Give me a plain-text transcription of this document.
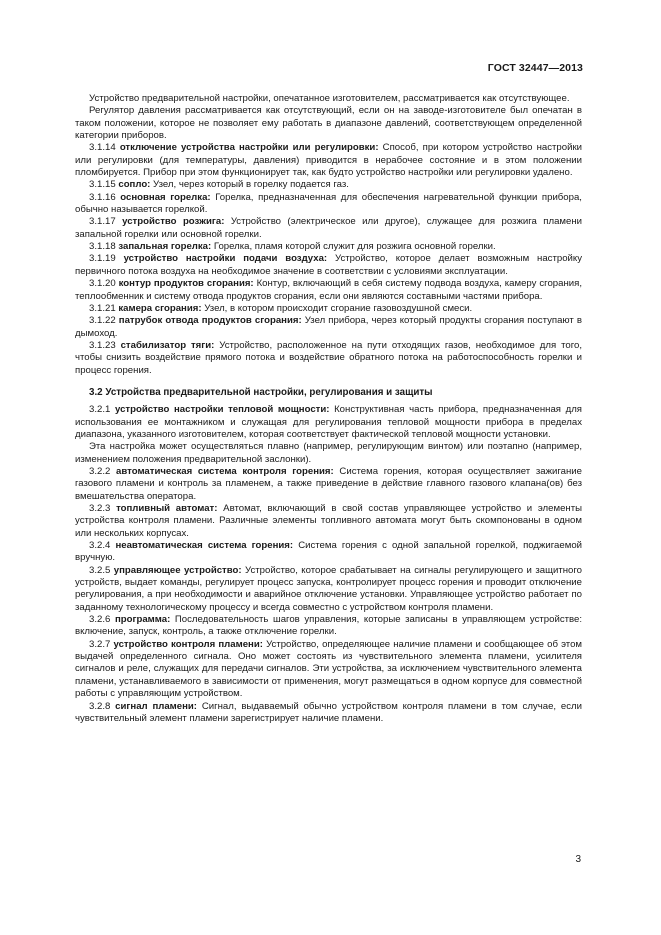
ГОСТ 32447—2013

Устройство предварительной настройки, опечатанное изготовителем, рассматривается как отсутствующее.

Регулятор давления рассматривается как отсутствующий, если он на заводе-изготовителе был опечатан в таком положении, которое не позволяет ему работать в диапазоне давлений, соответствующем определенной категории приборов.

3.1.14 отключение устройства настройки или регулировки: Способ, при котором устройство настройки или регулировки (для температуры, давления) приводится в нерабочее состояние и в этом положении пломбируется. Прибор при этом функционирует так, как будто устройство настройки или регулировки удалено.

3.1.15 сопло: Узел, через который в горелку подается газ.

3.1.16 основная горелка: Горелка, предназначенная для обеспечения нагревательной функции прибора, обычно называется горелкой.

3.1.17 устройство розжига: Устройство (электрическое или другое), служащее для розжига пламени запальной горелки или основной горелки.

3.1.18 запальная горелка: Горелка, пламя которой служит для розжига основной горелки.

3.1.19 устройство настройки подачи воздуха: Устройство, которое делает возможным настройку первичного потока воздуха на необходимое значение в соответствии с условиями эксплуатации.

3.1.20 контур продуктов сгорания: Контур, включающий в себя систему подвода воздуха, камеру сгорания, теплообменник и систему отвода продуктов сгорания, если они являются составными частями прибора.

3.1.21 камера сгорания: Узел, в котором происходит сгорание газовоздушной смеси.

3.1.22 патрубок отвода продуктов сгорания: Узел прибора, через который продукты сгорания поступают в дымоход.

3.1.23 стабилизатор тяги: Устройство, расположенное на пути отходящих газов, необходимое для того, чтобы снизить воздействие прямого потока и воздействие обратного потока на работоспособность горелки и процесс горения.

3.2 Устройства предварительной настройки, регулирования и защиты

3.2.1 устройство настройки тепловой мощности: Конструктивная часть прибора, предназначенная для использования ее монтажником и служащая для регулирования тепловой мощности прибора в пределах диапазона, указанного изготовителем, которая соответствует фактической тепловой мощности установки.

Эта настройка может осуществляться плавно (например, регулирующим винтом) или поэтапно (например, изменением положения предварительной заслонки).

3.2.2 автоматическая система контроля горения: Система горения, которая осуществляет зажигание газового пламени и контроль за пламенем, а также приведение в действие главного газового клапана(ов) без вмешательства оператора.

3.2.3 топливный автомат: Автомат, включающий в свой состав управляющее устройство и элементы устройства контроля пламени. Различные элементы топливного автомата могут быть скомпонованы в одном или нескольких корпусах.

3.2.4 неавтоматическая система горения: Система горения с одной запальной горелкой, поджигаемой вручную.

3.2.5 управляющее устройство: Устройство, которое срабатывает на сигналы регулирующего и защитного устройств, выдает команды, регулирует процесс запуска, контролирует процесс горения и проводит отключение регулирования, а при необходимости и аварийное отключение установки. Управляющее устройство работает по заданному технологическому процессу и всегда совместно с устройством контроля пламени.

3.2.6 программа: Последовательность шагов управления, которые записаны в управляющем устройстве: включение, запуск, контроль, а также отключение горелки.

3.2.7 устройство контроля пламени: Устройство, определяющее наличие пламени и сообщающее об этом выдачей определенного сигнала. Оно может состоять из чувствительного элемента пламени, усилителя сигналов и реле, служащих для передачи сигналов. Эти устройства, за исключением чувствительного элемента пламени, устанавливаемого в зависимости от применения, могут размещаться в одном корпусе для совместной работы с управляющим устройством.

3.2.8 сигнал пламени: Сигнал, выдаваемый обычно устройством контроля пламени в том случае, если чувствительный элемент пламени зарегистрирует наличие пламени.

3
